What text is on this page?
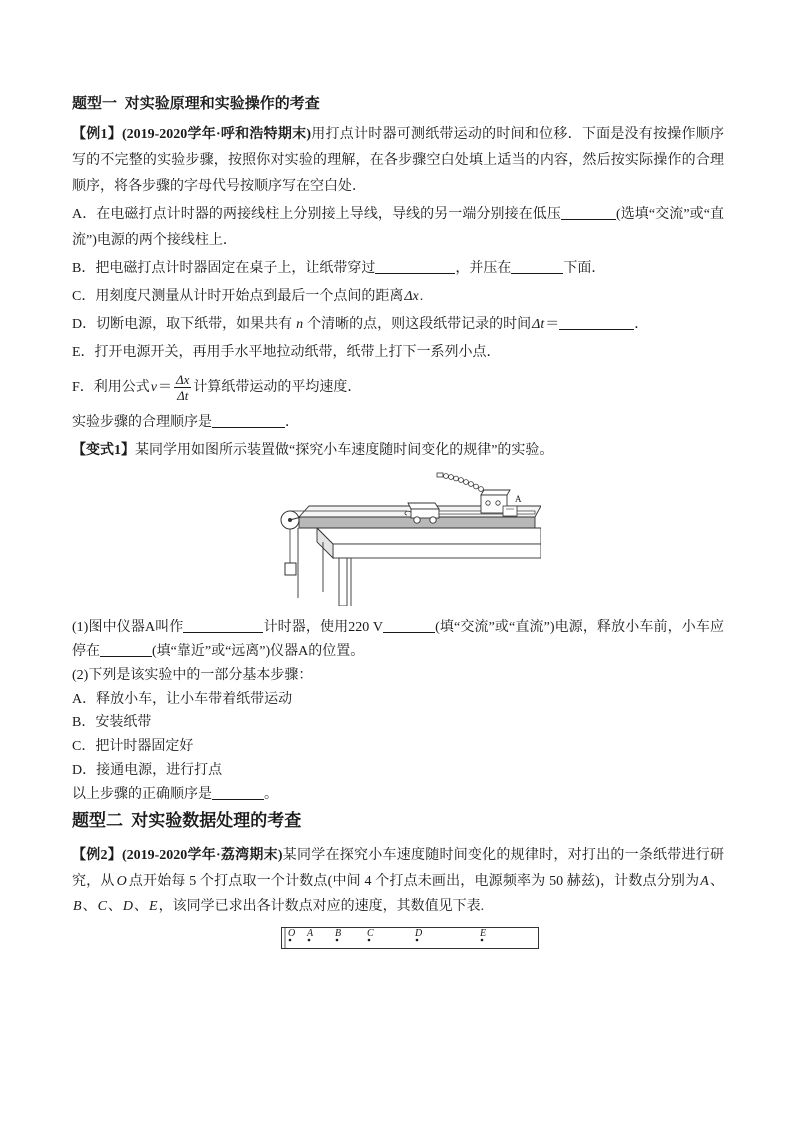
题型一 对实验原理和实验操作的考查

【例1】(2019-2020学年·呼和浩特期末)用打点计时器可测纸带运动的时间和位移．下面是没有按操作顺序写的不完整的实验步骤，按照你对实验的理解，在各步骤空白处填上适当的内容，然后按实际操作的合理顺序，将各步骤的字母代号按顺序写在空白处．

A．在电磁打点计时器的两接线柱上分别接上导线，导线的另一端分别接在低压	(选填“交流”或“直流”)电源的两个接线柱上．

B．把电磁打点计时器固定在桌子上，让纸带穿过	，并压在	下面．

C．用刻度尺测量从计时开始点到最后一个点间的距离Δx.

D．切断电源，取下纸带，如果共有 n 个清晰的点，则这段纸带记录的时间Δt＝	．

E．打开电源开关，再用手水平地拉动纸带，纸带上打下一系列小点．

F．利用公式$v= \frac{\Delta x}{\Delta t}$ 计算纸带运动的平均速度．

实验步骤的合理顺序是	．

【变式1】某同学用如图所示装置做“探究小车速度随时间变化的规律”的实验。

A

(1)图中仪器A叫作	计时器，使用220 V	(填“交流”或“直流”)电源，释放小车前，小车应停在	(填“靠近”或“远离”)仪器A的位置。

(2)下列是该实验中的一部分基本步骤：

A．释放小车，让小车带着纸带运动

B．安装纸带

C．把计时器固定好

D．接通电源，进行打点

以上步骤的正确顺序是	。

题型二 对实验数据处理的考查

【例2】(2019-2020学年·荔湾期末)某同学在探究小车速度随时间变化的规律时，对打出的一条纸带进行研究，从 O 点开始每 5 个打点取一个计数点(中间 4 个打点未画出，电源频率为 50 赫兹)，计数点分别为A、B、C、D、E，该同学已求出各计数点对应的速度，其数值见下表.

O A B	C	D	E
